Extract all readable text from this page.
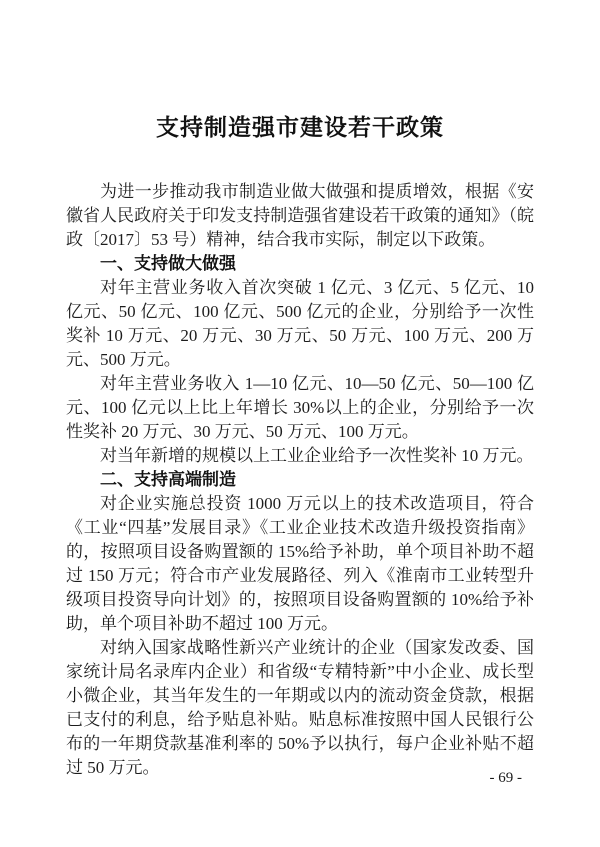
支持制造强市建设若干政策

为进一步推动我市制造业做大做强和提质增效，根据《安徽省人民政府关于印发支持制造强省建设若干政策的通知》（皖政〔2017〕53 号）精神，结合我市实际，制定以下政策。

一、支持做大做强

对年主营业务收入首次突破 1 亿元、3 亿元、5 亿元、10 亿元、50 亿元、100 亿元、500 亿元的企业，分别给予一次性奖补 10 万元、20 万元、30 万元、50 万元、100 万元、200 万元、500 万元。

对年主营业务收入 1—10 亿元、10—50 亿元、50—100 亿元、100 亿元以上比上年增长 30%以上的企业，分别给予一次性奖补 20 万元、30 万元、50 万元、100 万元。

对当年新增的规模以上工业企业给予一次性奖补 10 万元。

二、支持高端制造

对企业实施总投资 1000 万元以上的技术改造项目，符合《工业“四基”发展目录》《工业企业技术改造升级投资指南》的，按照项目设备购置额的 15%给予补助，单个项目补助不超过 150 万元；符合市产业发展路径、列入《淮南市工业转型升级项目投资导向计划》的，按照项目设备购置额的 10%给予补助，单个项目补助不超过 100 万元。

对纳入国家战略性新兴产业统计的企业（国家发改委、国家统计局名录库内企业）和省级“专精特新”中小企业、成长型小微企业，其当年发生的一年期或以内的流动资金贷款，根据已支付的利息，给予贴息补贴。贴息标准按照中国人民银行公布的一年期贷款基准利率的 50%予以执行，每户企业补贴不超过 50 万元。

- 69 -
